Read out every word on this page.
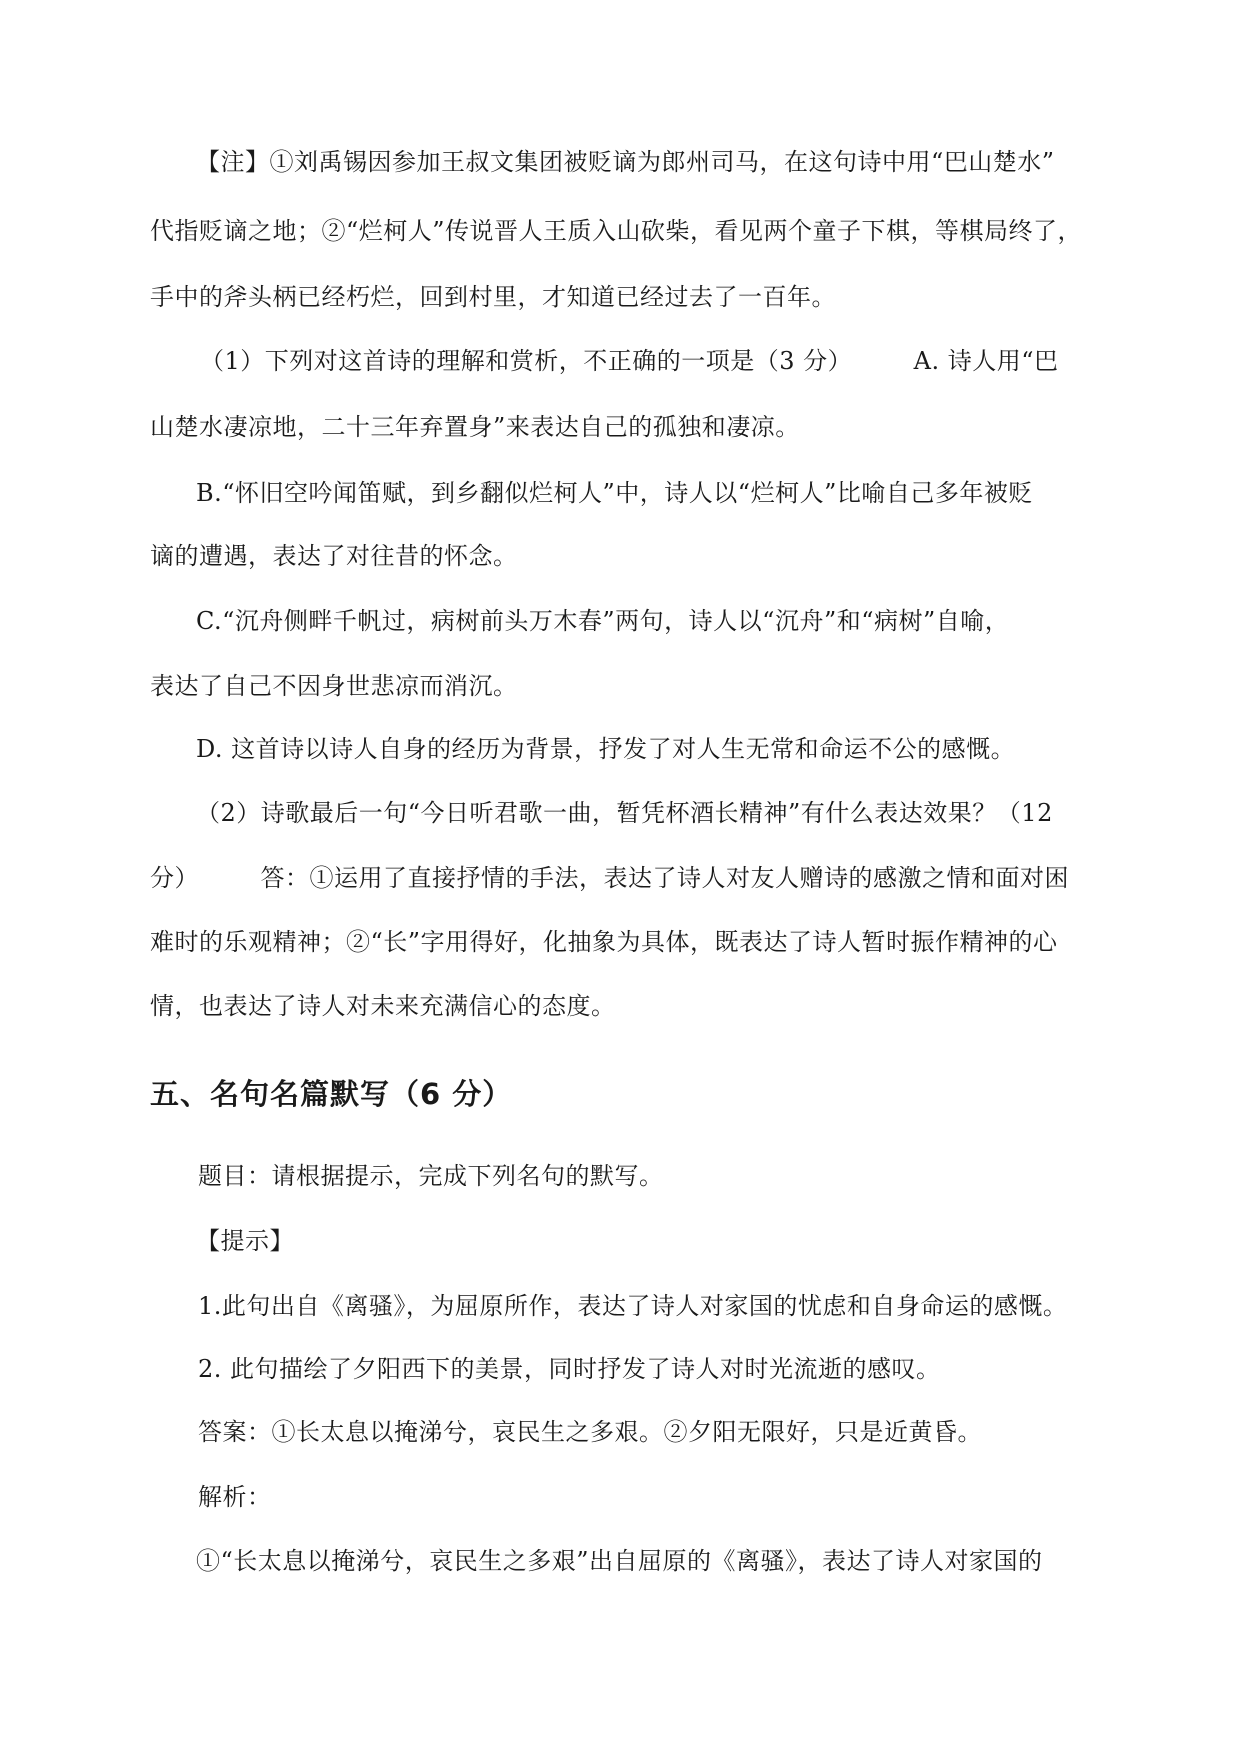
【注】①刘禹锡因参加王叔文集团被贬谪为郎州司马，在这句诗中用“巴山楚水”
代指贬谪之地；②“烂柯人”传说晋人王质入山砍柴，看见两个童子下棋，等棋局终了，
手中的斧头柄已经朽烂，回到村里，才知道已经过去了一百年。
（1）下列对这首诗的理解和赏析，不正确的一项是（3 分）　　　A. 诗人用“巴
山楚水凄凉地，二十三年弃置身”来表达自己的孤独和凄凉。
B.“怀旧空吟闻笛赋，到乡翻似烂柯人”中，诗人以“烂柯人”比喻自己多年被贬
谪的遭遇，表达了对往昔的怀念。
C.“沉舟侧畔千帆过，病树前头万木春”两句，诗人以“沉舟”和“病树”自喻，
表达了自己不因身世悲凉而消沉。
D. 这首诗以诗人自身的经历为背景，抒发了对人生无常和命运不公的感慨。
（2）诗歌最后一句“今日听君歌一曲，暂凭杯酒长精神”有什么表达效果？（12
分）　　　答：①运用了直接抒情的手法，表达了诗人对友人赠诗的感激之情和面对困
难时的乐观精神；②“长”字用得好，化抽象为具体，既表达了诗人暂时振作精神的心
情，也表达了诗人对未来充满信心的态度。
五、名句名篇默写（6 分）
题目：请根据提示，完成下列名句的默写。
【提示】
1.此句出自《离骚》，为屈原所作，表达了诗人对家国的忧虑和自身命运的感慨。
2. 此句描绘了夕阳西下的美景，同时抒发了诗人对时光流逝的感叹。
答案：①长太息以掩涕兮，哀民生之多艰。②夕阳无限好，只是近黄昏。
解析：
①“长太息以掩涕兮，哀民生之多艰”出自屈原的《离骚》，表达了诗人对家国的
